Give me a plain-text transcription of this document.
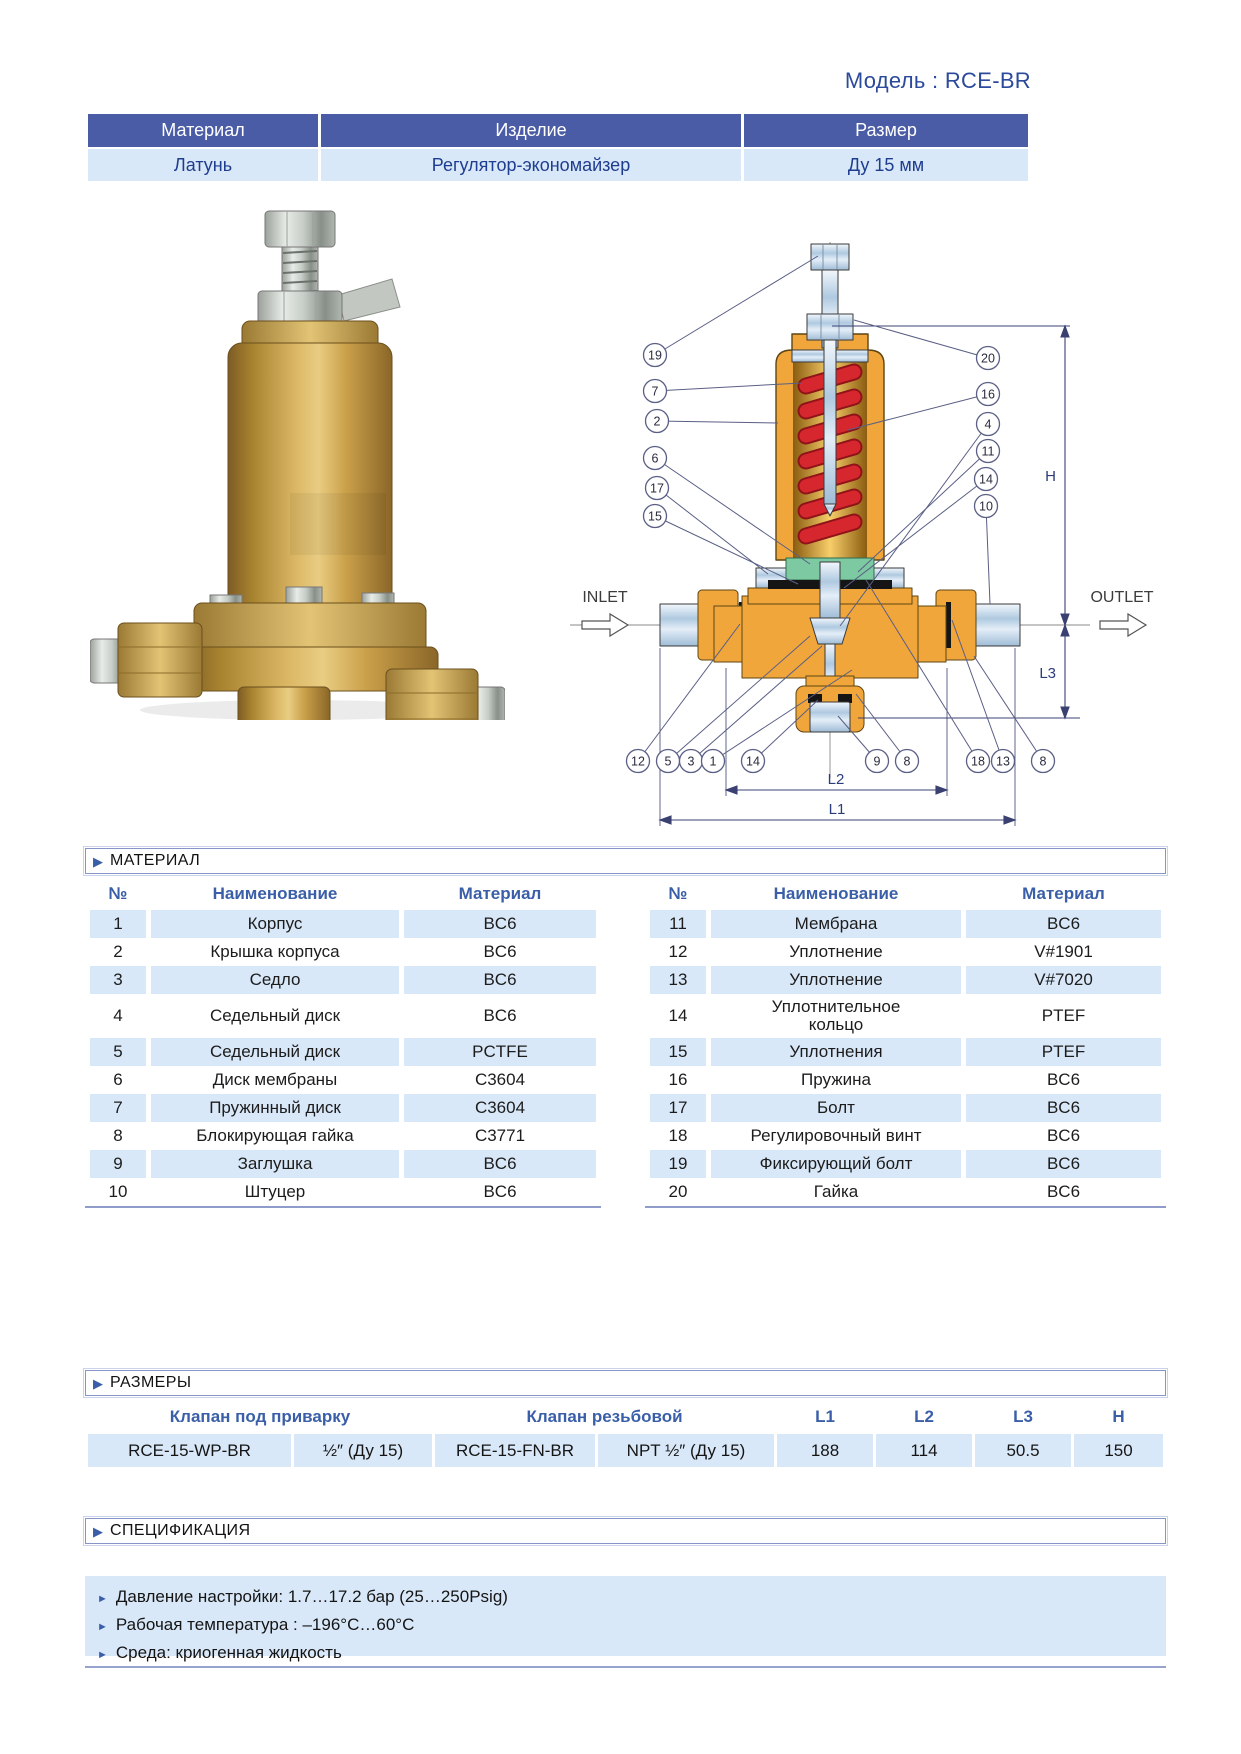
Модель : RCE-BR
Материал	Изделие	Размер
Латунь	Регулятор-экономайзер	Ду 15 мм
H
L3
L2
L1
INLET	OUTLET
19
7
2
6
17
15
20
16
4
11
14
10
12 5 3 1 14	9 8	18 13 8
▶ МАТЕРИАЛ
№	Наименование	Материал
1	Корпус	BC6
2	Крышка корпуса	BC6
3	Седло	BC6
4	Седельный диск	BC6
5	Седельный диск	PCTFE
6	Диск мембраны	C3604
7	Пружинный диск	C3604
8	Блокирующая гайка	C3771
9	Заглушка	BC6
10	Штуцер	BC6
№	Наименование	Материал
11	Мембрана	BC6
12	Уплотнение	V#1901
13	Уплотнение	V#7020
14	Уплотнительное кольцо	PTEF
15	Уплотнения	PTEF
16	Пружина	BC6
17	Болт	BC6
18	Регулировочный винт	BC6
19	Фиксирующий болт	BC6
20	Гайка	BC6
▶ РАЗМЕРЫ
Клапан под приварку		Клапан резьбовой		L1	L2	L3	H
RCE-15-WP-BR	½″ (Ду 15)	RCE-15-FN-BR	NPT ½″ (Ду 15)	188	114	50.5	150
▶ СПЕЦИФИКАЦИЯ
► Давление настройки: 1.7…17.2 бар (25…250Psig)
► Рабочая температура : –196°C…60°C
► Среда: криогенная жидкость
